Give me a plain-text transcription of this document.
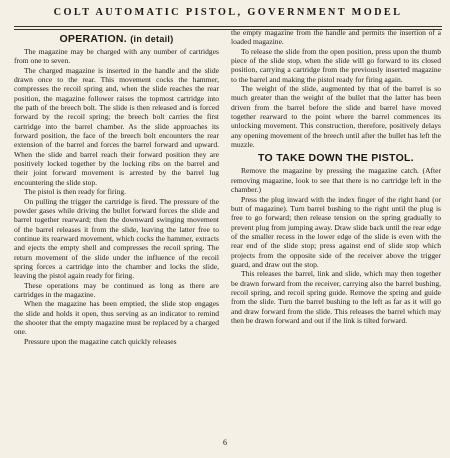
COLT AUTOMATIC PISTOL, GOVERNMENT MODEL
OPERATION. (in detail)

The magazine may be charged with any number of cartridges from one to seven.

The charged magazine is inserted in the handle and the slide drawn once to the rear. This movement cocks the hammer, compresses the recoil spring and, when the slide reaches the rear position, the magazine follower raises the topmost cartridge into the path of the breech bolt. The slide is then released and is forced forward by the recoil spring; the breech bolt carries the first cartridge into the barrel chamber. As the slide approaches its forward position, the face of the breech bolt encounters the rear extension of the barrel and forces the barrel forward and upward. When the slide and barrel reach their forward position they are positively locked together by the locking ribs on the barrel and their joint forward movement is arrested by the barrel lug encountering the slide stop.

The pistol is then ready for firing.

On pulling the trigger the cartridge is fired. The pressure of the powder gases while driving the bullet forward forces the slide and barrel together rearward; then the downward swinging movement of the barrel releases it from the slide, leaving the latter free to continue its rearward movement, which cocks the hammer, extracts and ejects the empty shell and compresses the recoil spring. The return movement of the slide under the influence of the recoil spring forces a cartridge into the chamber and locks the slide, leaving the pistol again ready for firing.

These operations may be continued as long as there are cartridges in the magazine.

When the magazine has been emptied, the slide stop engages the slide and holds it open, thus serving as an indicator to remind the shooter that the empty magazine must be replaced by a charged one.

Pressure upon the magazine catch quickly releases

the empty magazine from the handle and permits the insertion of a loaded magazine.

To release the slide from the open position, press upon the thumb piece of the slide stop, when the slide will go forward to its closed position, carrying a cartridge from the previously inserted magazine to the barrel and making the pistol ready for firing again.

The weight of the slide, augmented by that of the barrel is so much greater than the weight of the bullet that the latter has been driven from the barrel before the slide and barrel have moved together rearward to the point where the barrel commences its unlocking movement. This construction, therefore, positively delays any opening movement of the breech until after the bullet has left the muzzle.

TO TAKE DOWN THE PISTOL.

Remove the magazine by pressing the magazine catch. (After removing magazine, look to see that there is no cartridge left in the chamber.)

Press the plug inward with the index finger of the right hand (or butt of magazine). Turn barrel bushing to the right until the plug is free to go forward; then release tension on the spring gradually to prevent plug from jumping away. Draw slide back until the rear edge of the smaller recess in the lower edge of the slide is even with the rear end of the slide stop; press against end of slide stop which projects from the opposite side of the receiver above the trigger guard, and draw out the stop.

This releases the barrel, link and slide, which may then together be drawn forward from the receiver, carrying also the barrel bushing, recoil spring, and recoil spring guide. Remove the spring and guide from the slide. Turn the barrel bushing to the left as far as it will go and draw forward from the slide. This releases the barrel which may then be drawn forward and out if the link is tilted forward.

6
